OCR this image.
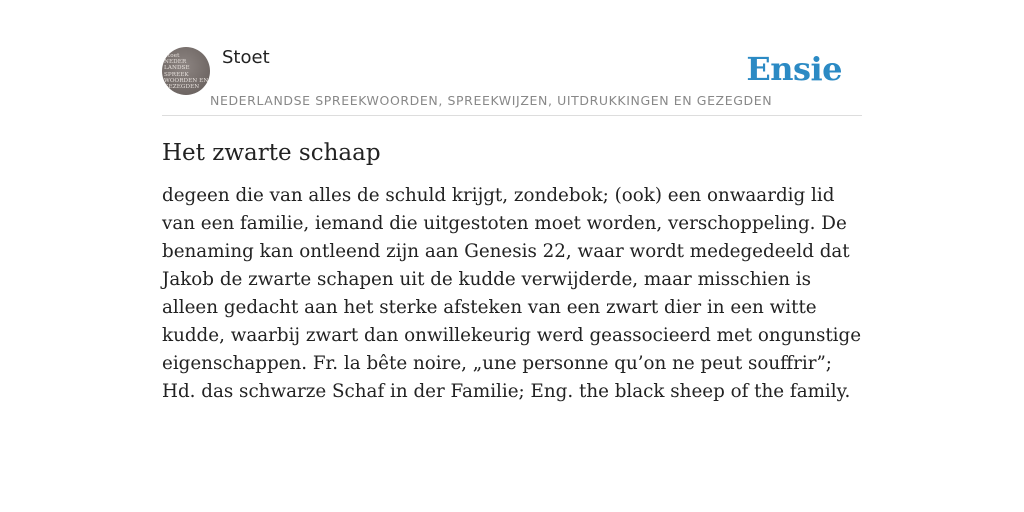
Stoet
NEDER
LANDSE
SPREEK
WOORDEN EN
GEZEGDEN
Stoet	Ensie
NEDERLANDSE SPREEKWOORDEN, SPREEKWIJZEN, UITDRUKKINGEN EN GEZEGDEN
Het zwarte schaap

degeen die van alles de schuld krijgt, zondebok; (ook) een onwaardig lid van een familie, iemand die uitgestoten moet worden, verschoppeling. De benaming kan ontleend zijn aan Genesis 22, waar wordt medegedeeld dat Jakob de zwarte schapen uit de kudde verwijderde, maar misschien is alleen gedacht aan het sterke afsteken van een zwart dier in een witte kudde, waarbij zwart dan onwillekeurig werd geassocieerd met ongunstige eigenschappen. Fr. la bête noire, „une personne qu’on ne peut souffrir”; Hd. das schwarze Schaf in der Familie; Eng. the black sheep of the family.
